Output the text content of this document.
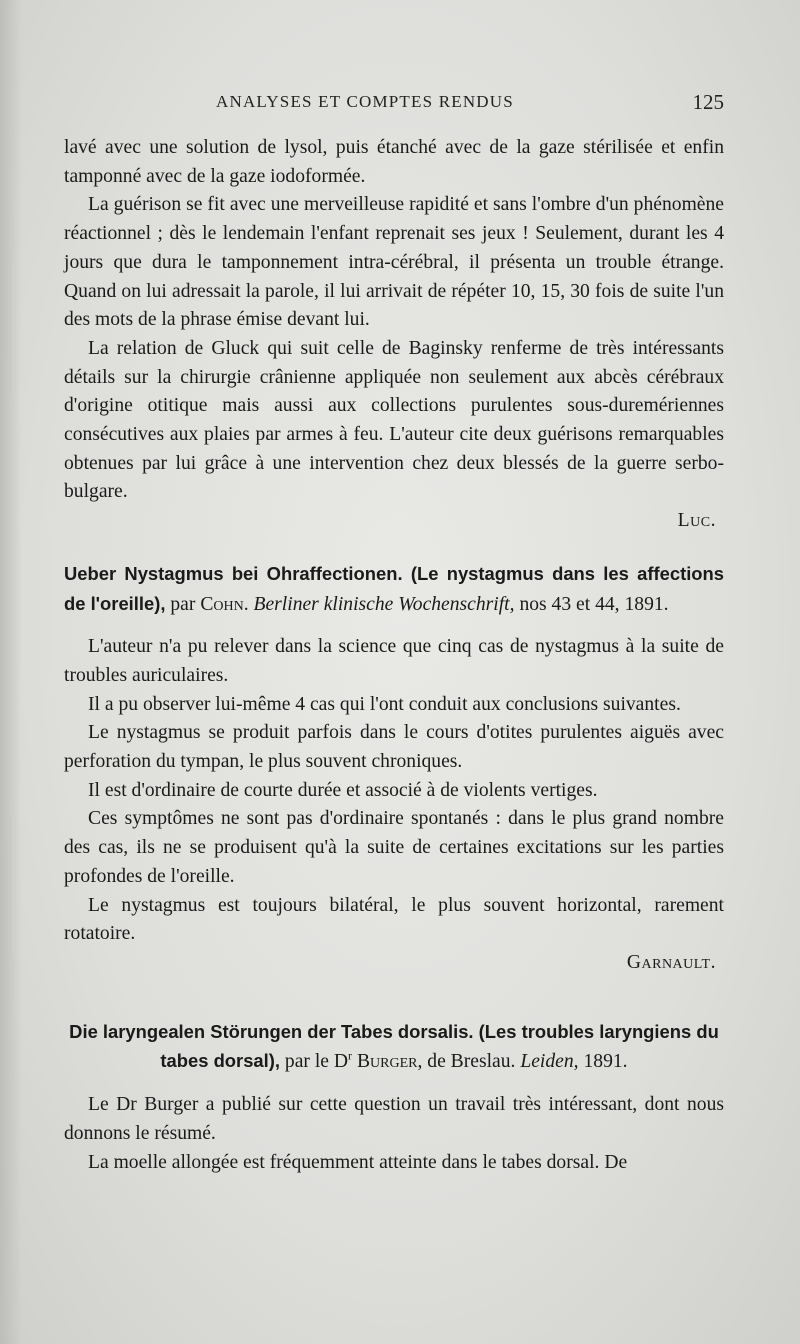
ANALYSES ET COMPTES RENDUS	125

lavé avec une solution de lysol, puis étanché avec de la gaze stérilisée et enfin tamponné avec de la gaze iodoformée.

La guérison se fit avec une merveilleuse rapidité et sans l'ombre d'un phénomène réactionnel ; dès le lendemain l'enfant reprenait ses jeux ! Seulement, durant les 4 jours que dura le tamponnement intra-cérébral, il présenta un trouble étrange. Quand on lui adressait la parole, il lui arrivait de répéter 10, 15, 30 fois de suite l'un des mots de la phrase émise devant lui.

La relation de Gluck qui suit celle de Baginsky renferme de très intéressants détails sur la chirurgie crânienne appliquée non seulement aux abcès cérébraux d'origine otitique mais aussi aux collections purulentes sous-duremériennes consécutives aux plaies par armes à feu. L'auteur cite deux guérisons remarquables obtenues par lui grâce à une intervention chez deux blessés de la guerre serbo-bulgare.

Luc.

Ueber Nystagmus bei Ohraffectionen. (Le nystagmus dans les affections de l'oreille), par Cohn. Berliner klinische Wochenschrift, nos 43 et 44, 1891.

L'auteur n'a pu relever dans la science que cinq cas de nystagmus à la suite de troubles auriculaires.

Il a pu observer lui-même 4 cas qui l'ont conduit aux conclusions suivantes.

Le nystagmus se produit parfois dans le cours d'otites purulentes aiguës avec perforation du tympan, le plus souvent chroniques.

Il est d'ordinaire de courte durée et associé à de violents vertiges.

Ces symptômes ne sont pas d'ordinaire spontanés : dans le plus grand nombre des cas, ils ne se produisent qu'à la suite de certaines excitations sur les parties profondes de l'oreille.

Le nystagmus est toujours bilatéral, le plus souvent horizontal, rarement rotatoire.

Garnault.

Die laryngealen Störungen der Tabes dorsalis. (Les troubles laryngiens du tabes dorsal), par le $D^r$ Burger, de Breslau. Leiden, 1891.

Le Dr Burger a publié sur cette question un travail très intéressant, dont nous donnons le résumé.

La moelle allongée est fréquemment atteinte dans le tabes dorsal. De
